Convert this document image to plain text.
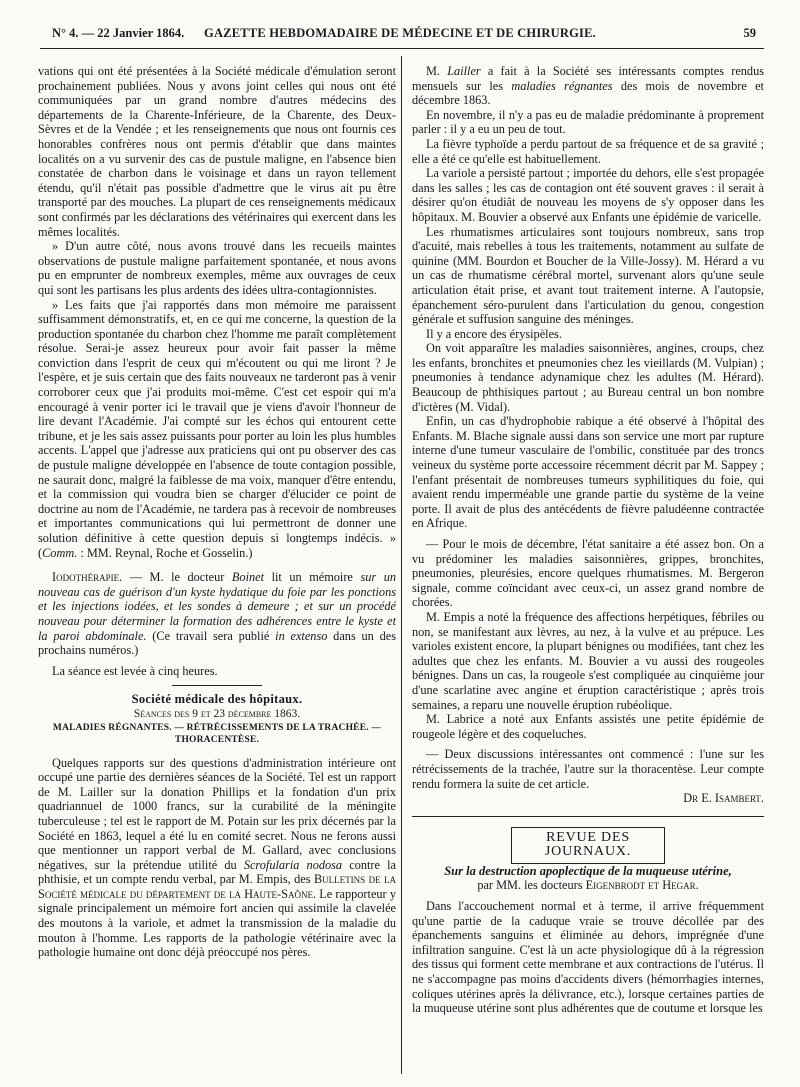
N° 4. — 22 Janvier 1864.	GAZETTE HEBDOMADAIRE DE MÉDECINE ET DE CHIRURGIE.	59

vations qui ont été présentées à la Société médicale d'émulation seront prochainement publiées. Nous y avons joint celles qui nous ont été communiquées par un grand nombre d'autres médecins des départements de la Charente-Inférieure, de la Charente, des Deux-Sèvres et de la Vendée ; et les renseignements que nous ont fournis ces honorables confrères nous ont permis d'établir que dans maintes localités on a vu survenir des cas de pustule maligne, en l'absence bien constatée de charbon dans le voisinage et dans un rayon tellement étendu, qu'il n'était pas possible d'admettre que le virus ait pu être transporté par des mouches. La plupart de ces renseignements médicaux sont confirmés par les déclarations des vétérinaires qui exercent dans les mêmes localités.

» D'un autre côté, nous avons trouvé dans les recueils maintes observations de pustule maligne parfaitement spontanée, et nous avons pu en emprunter de nombreux exemples, même aux ouvrages de ceux qui sont les partisans les plus ardents des idées ultra-contagionnistes.

» Les faits que j'ai rapportés dans mon mémoire me paraissent suffisamment démonstratifs, et, en ce qui me concerne, la question de la production spontanée du charbon chez l'homme me paraît complètement résolue. Serai-je assez heureux pour avoir fait passer la même conviction dans l'esprit de ceux qui m'écoutent ou qui me liront ? Je l'espère, et je suis certain que des faits nouveaux ne tarderont pas à venir corroborer ceux que j'ai produits moi-même. C'est cet espoir qui m'a encouragé à venir porter ici le travail que je viens d'avoir l'honneur de lire devant l'Académie. J'ai compté sur les échos qui entourent cette tribune, et je les sais assez puissants pour porter au loin les plus humbles accents. L'appel que j'adresse aux praticiens qui ont pu observer des cas de pustule maligne développée en l'absence de toute contagion possible, ne saurait donc, malgré la faiblesse de ma voix, manquer d'être entendu, et la commission qui voudra bien se charger d'élucider ce point de doctrine au nom de l'Académie, ne tardera pas à recevoir de nombreuses et importantes communications qui lui permettront de donner une solution définitive à cette question depuis si longtemps indécis. » (Comm. : MM. Reynal, Roche et Gosselin.)

Iodothérapie. — M. le docteur Boinet lit un mémoire sur un nouveau cas de guérison d'un kyste hydatique du foie par les ponctions et les injections iodées, et les sondes à demeure ; et sur un procédé nouveau pour déterminer la formation des adhérences entre le kyste et la paroi abdominale. (Ce travail sera publié in extenso dans un des prochains numéros.)

La séance est levée à cinq heures.

Société médicale des hôpitaux.

Séances des 9 et 23 décembre 1863.

MALADIES RÉGNANTES. — RÉTRÉCISSEMENTS DE LA TRACHÉE. — THORACENTÈSE.

Quelques rapports sur des questions d'administration intérieure ont occupé une partie des dernières séances de la Société. Tel est un rapport de M. Lailler sur la donation Phillips et la fondation d'un prix quadriannuel de 1000 francs, sur la curabilité de la méningite tuberculeuse ; tel est le rapport de M. Potain sur les prix décernés par la Société en 1863, lequel a été lu en comité secret. Nous ne ferons aussi que mentionner un rapport verbal de M. Gallard, avec conclusions négatives, sur la prétendue utilité du Scrofularia nodosa contre la phthisie, et un compte rendu verbal, par M. Empis, des Bulletins de la Société médicale du département de la Haute-Saône. Le rapporteur y signale principalement un mémoire fort ancien qui assimile la clavelée des moutons à la variole, et admet la transmission de la maladie du mouton à l'homme. Les rapports de la pathologie vétérinaire avec la pathologie humaine ont donc déjà préoccupé nos pères.

M. Lailler a fait à la Société ses intéressants comptes rendus mensuels sur les maladies régnantes des mois de novembre et décembre 1863.

En novembre, il n'y a pas eu de maladie prédominante à proprement parler : il y a eu un peu de tout.

La fièvre typhoïde a perdu partout de sa fréquence et de sa gravité ; elle a été ce qu'elle est habituellement.

La variole a persisté partout ; importée du dehors, elle s'est propagée dans les salles ; les cas de contagion ont été souvent graves : il serait à désirer qu'on étudiât de nouveau les moyens de s'y opposer dans les hôpitaux. M. Bouvier a observé aux Enfants une épidémie de varicelle.

Les rhumatismes articulaires sont toujours nombreux, sans trop d'acuité, mais rebelles à tous les traitements, notamment au sulfate de quinine (MM. Bourdon et Boucher de la Ville-Jossy). M. Hérard a vu un cas de rhumatisme cérébral mortel, survenant alors qu'une seule articulation était prise, et avant tout traitement interne. A l'autopsie, épanchement séro-purulent dans l'articulation du genou, congestion générale et suffusion sanguine des méninges.

Il y a encore des érysipèles.

On voit apparaître les maladies saisonnières, angines, croups, chez les enfants, bronchites et pneumonies chez les vieillards (M. Vulpian) ; pneumonies à tendance adynamique chez les adultes (M. Hérard). Beaucoup de phthisiques partout ; au Bureau central un bon nombre d'ictères (M. Vidal).

Enfin, un cas d'hydrophobie rabique a été observé à l'hôpital des Enfants. M. Blache signale aussi dans son service une mort par rupture interne d'une tumeur vasculaire de l'ombilic, constituée par des troncs veineux du système porte accessoire récemment décrit par M. Sappey ; l'enfant présentait de nombreuses tumeurs syphilitiques du foie, qui avaient rendu imperméable une grande partie du système de la veine porte. Il avait de plus des antécédents de fièvre paludéenne contractée en Afrique.

— Pour le mois de décembre, l'état sanitaire a été assez bon. On a vu prédominer les maladies saisonnières, grippes, bronchites, pneumonies, pleurésies, encore quelques rhumatismes. M. Bergeron signale, comme coïncidant avec ceux-ci, un assez grand nombre de chorées.

M. Empis a noté la fréquence des affections herpétiques, fébriles ou non, se manifestant aux lèvres, au nez, à la vulve et au prépuce. Les varioles existent encore, la plupart bénignes ou modifiées, tant chez les adultes que chez les enfants. M. Bouvier a vu aussi des rougeoles bénignes. Dans un cas, la rougeole s'est compliquée au cinquième jour d'une scarlatine avec angine et éruption caractéristique ; après trois semaines, a reparu une nouvelle éruption rubéolique.

M. Labrice a noté aux Enfants assistés une petite épidémie de rougeole légère et des coqueluches.

— Deux discussions intéressantes ont commencé : l'une sur les rétrécissements de la trachée, l'autre sur la thoracentèse. Leur compte rendu formera la suite de cet article.

Dr E. Isambert.

REVUE DES JOURNAUX.

Sur la destruction apoplectique de la muqueuse utérine,

par MM. les docteurs Eigenbrodt et Hegar.

Dans l'accouchement normal et à terme, il arrive fréquemment qu'une partie de la caduque vraie se trouve décollée par des épanchements sanguins et éliminée au dehors, imprégnée d'une infiltration sanguine. C'est là un acte physiologique dû à la régression des tissus qui forment cette membrane et aux contractions de l'utérus. Il ne s'accompagne pas moins d'accidents divers (hémorrhagies internes, coliques utérines après la délivrance, etc.), lorsque certaines parties de la muqueuse utérine sont plus adhérentes que de coutume et lorsque les
